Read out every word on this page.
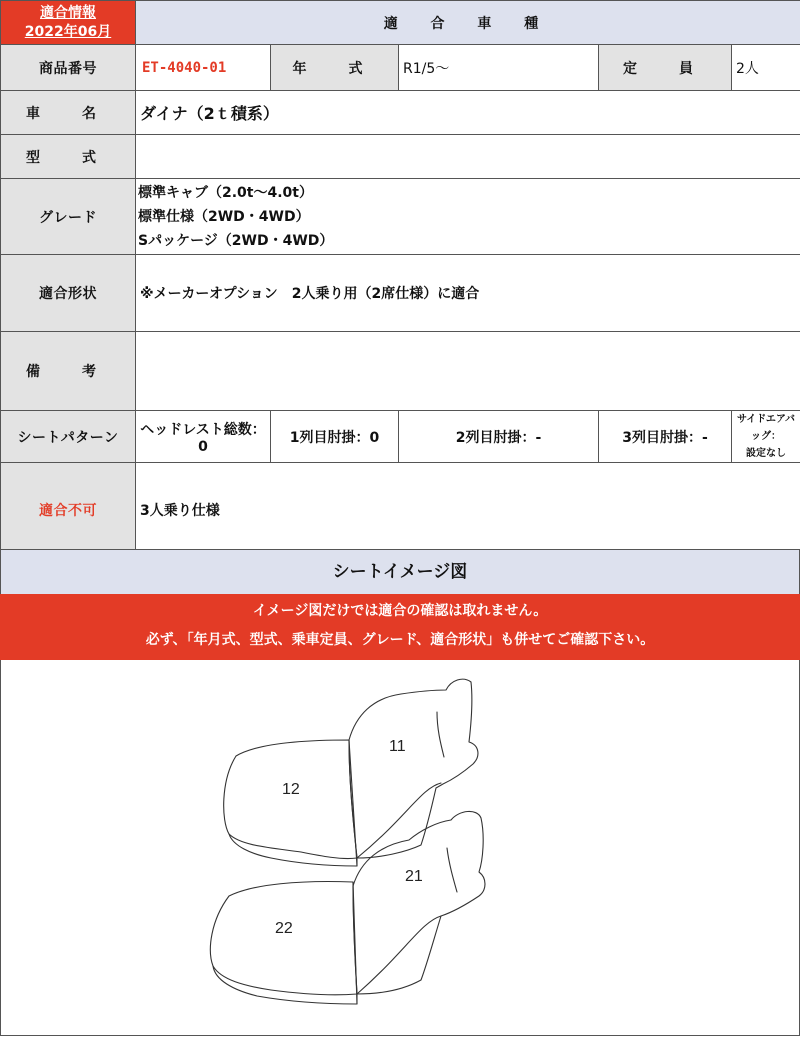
適合情報
2022年06月	適 合 車 種				
商品番号	ET-4040-01	年　式	R1/5～	定　員	2人
車　名	ダイナ（2ｔ積系）				
型　式					
グレード	標準キャブ（2.0t～4.0t）
標準仕様（2WD・4WD）
Sパッケージ（2WD・4WD）				

適合形状	※メーカーオプション　2人乗り用（2席仕様）に適合				
備　考					
シートパターン	ヘッドレスト総数：0	1列目肘掛：0	2列目肘掛：-	3列目肘掛：-	サイドエアバッグ：
設定なし

適合不可	3人乗り仕様				
シートイメージ図
イメージ図だけでは適合の確認は取れません。
必ず、「年月式、型式、乗車定員、グレード、適合形状」も併せてご確認下さい。
11
12
21
22
